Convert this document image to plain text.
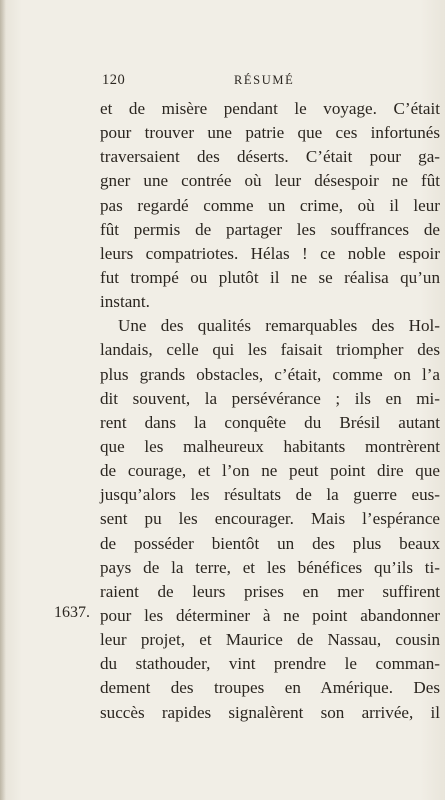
120	RÉSUMÉ
1637.
et de misère pendant le voyage. C’était
pour trouver une patrie que ces infortunés
traversaient des déserts. C’était pour ga-
gner une contrée où leur désespoir ne fût
pas regardé comme un crime, où il leur
fût permis de partager les souffrances de
leurs compatriotes. Hélas ! ce noble espoir
fut trompé ou plutôt il ne se réalisa qu’un
instant.
Une des qualités remarquables des Hol-
landais, celle qui les faisait triompher des
plus grands obstacles, c’était, comme on l’a
dit souvent, la persévérance ; ils en mi-
rent dans la conquête du Brésil autant
que les malheureux habitants montrèrent
de courage, et l’on ne peut point dire que
jusqu’alors les résultats de la guerre eus-
sent pu les encourager. Mais l’espérance
de posséder bientôt un des plus beaux
pays de la terre, et les bénéfices qu’ils ti-
raient de leurs prises en mer suffirent
pour les déterminer à ne point abandonner
leur projet, et Maurice de Nassau, cousin
du stathouder, vint prendre le comman-
dement des troupes en Amérique. Des
succès rapides signalèrent son arrivée, il
